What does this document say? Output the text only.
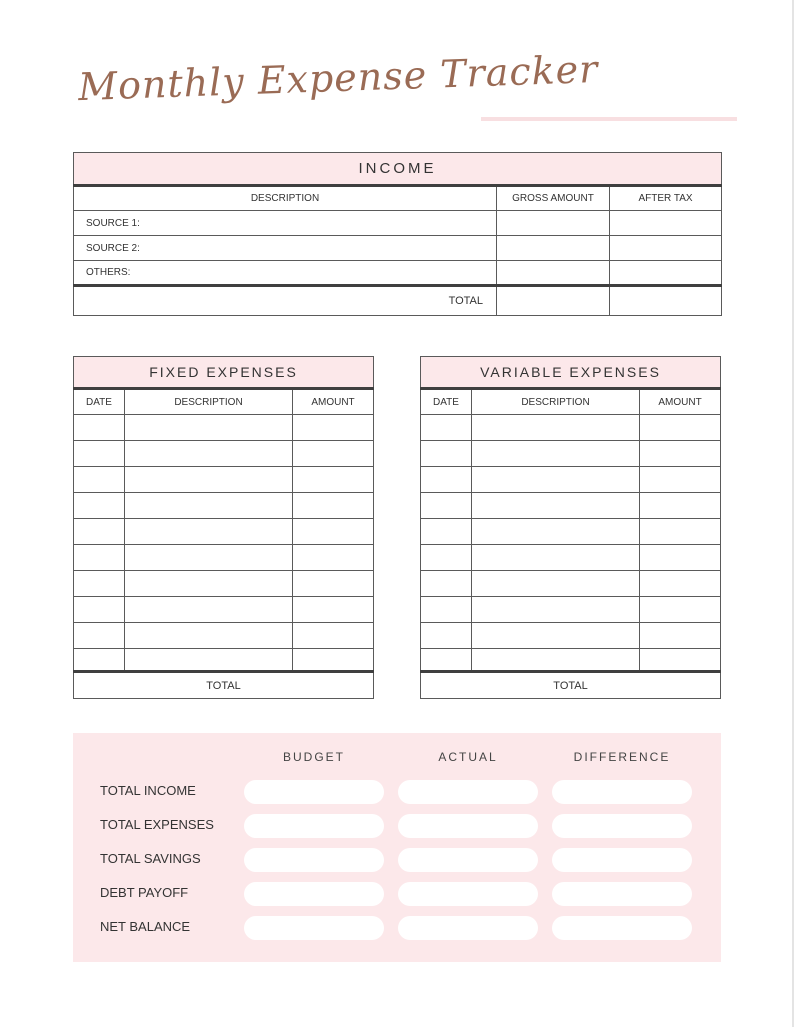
Monthly Expense Tracker
INCOME		
DESCRIPTION	GROSS AMOUNT	AFTER TAX
SOURCE 1:		
SOURCE 2:		
OTHERS:		
TOTAL		
FIXED EXPENSES		
DATE	DESCRIPTION	AMOUNT

TOTAL		
VARIABLE EXPENSES		
DATE	DESCRIPTION	AMOUNT

TOTAL		
BUDGET	ACTUAL	DIFFERENCE
TOTAL INCOME
TOTAL EXPENSES
TOTAL SAVINGS
DEBT PAYOFF
NET BALANCE
